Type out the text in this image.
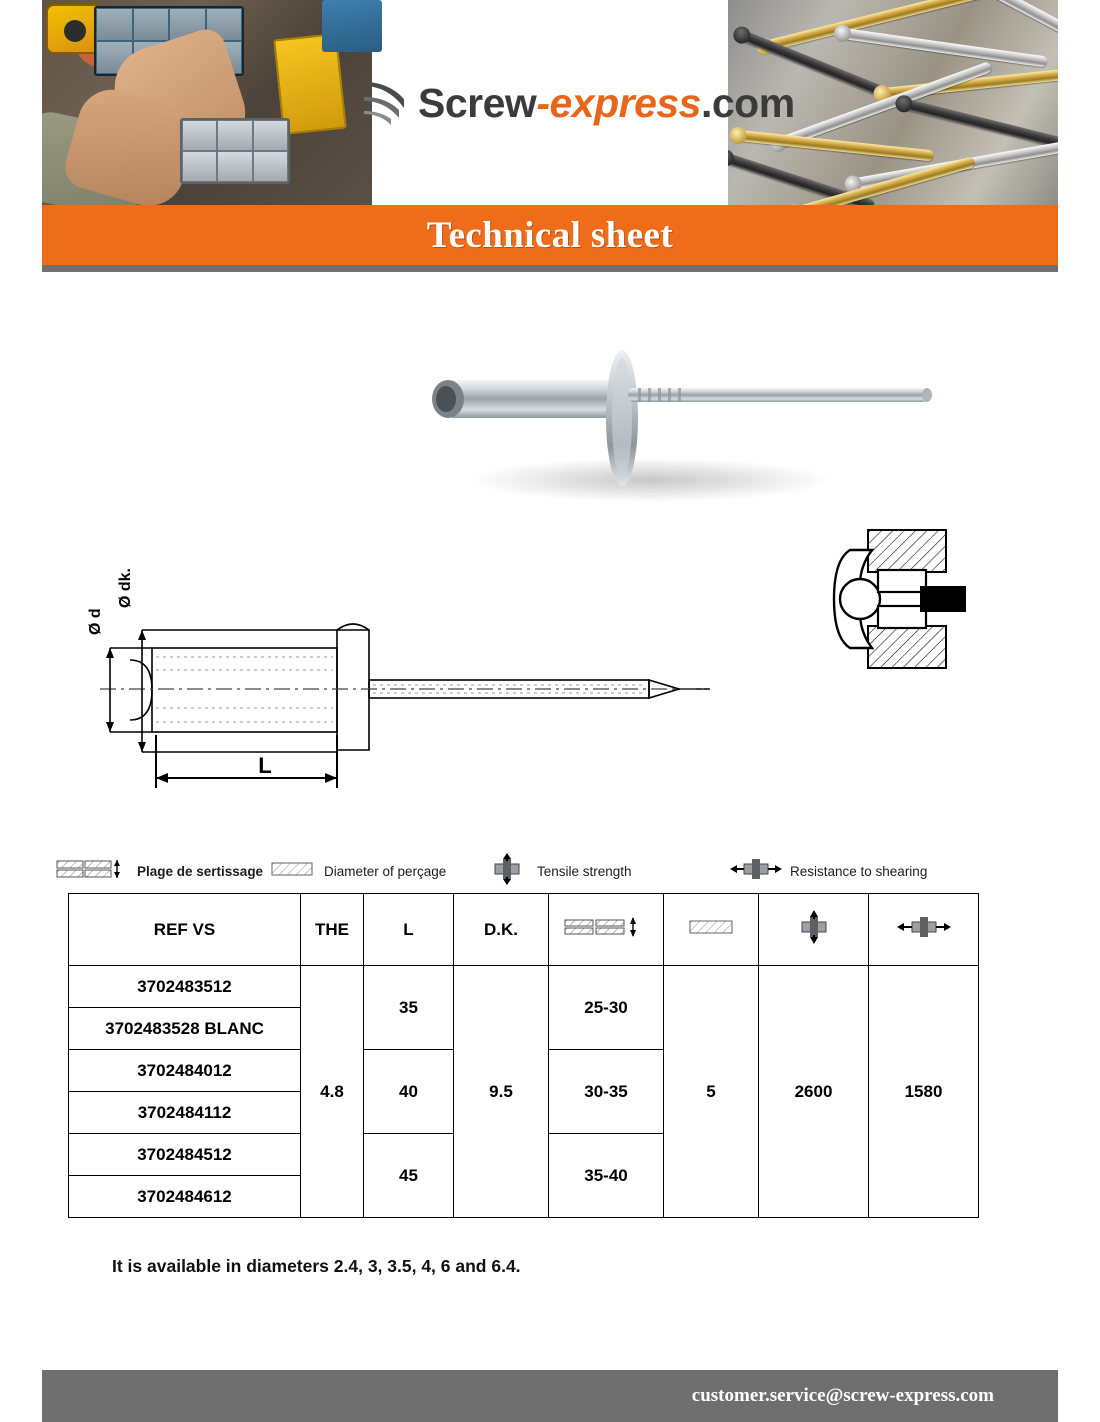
Screw-express.com
Technical sheet
L
Ø d
Ø dk.
Plage de sertissage	Diameter of perçage	Tensile strength	Resistance to shearing
REF VS	THE	L	D.K.				
3702483512	4.8	35	9.5	25-30	5	2600	1580
3702483528 BLANC							
3702484012		40		30-35			
3702484112							
3702484512		45		35-40			
3702484612							
It is available in diameters 2.4, 3, 3.5, 4, 6 and 6.4.
customer.service@screw-express.com
